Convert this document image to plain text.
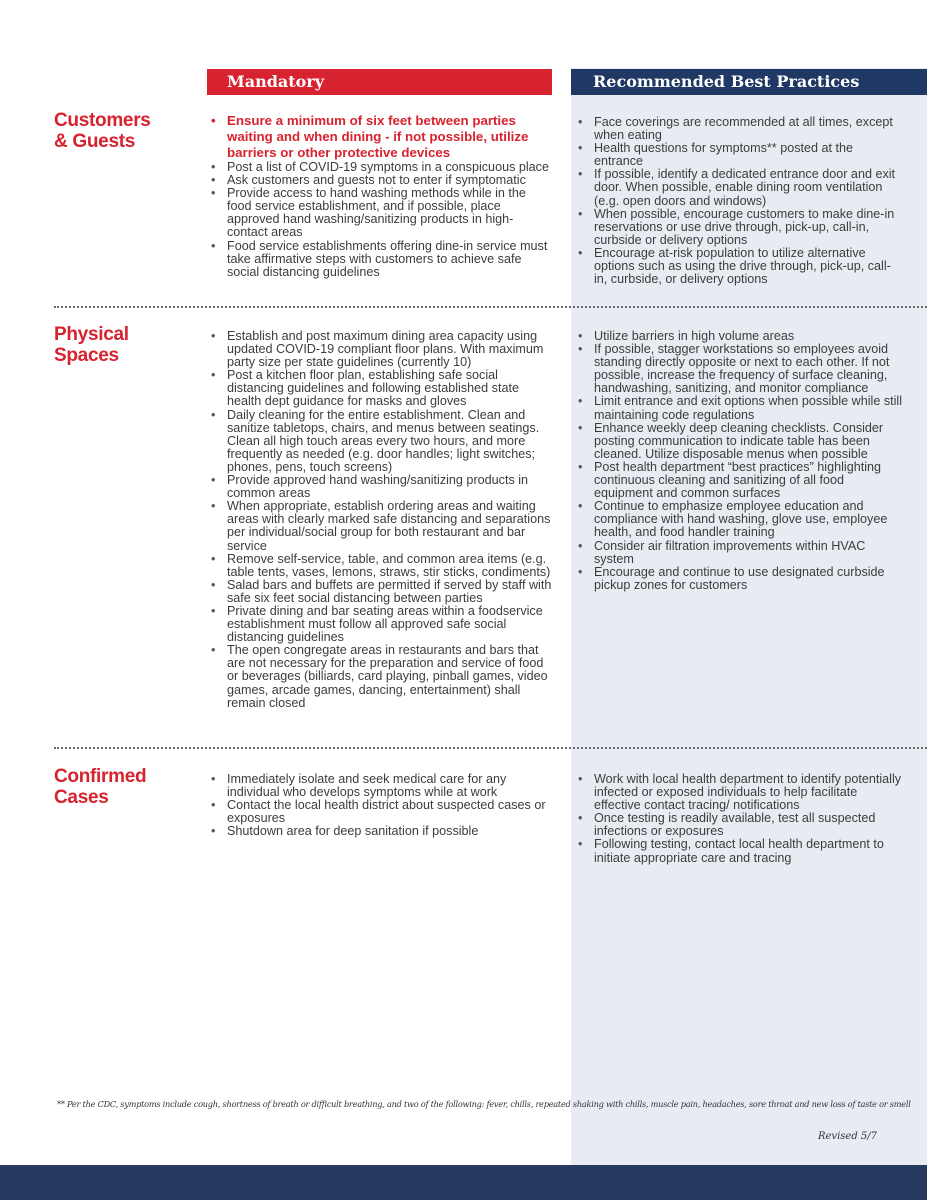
Mandatory	Recommended Best Practices
Customers
& Guests
• Ensure a minimum of six feet between parties waiting and when dining - if not possible, utilize barriers or other protective devices
• Post a list of COVID-19 symptoms in a conspicuous place
• Ask customers and guests not to enter if symptomatic
• Provide access to hand washing methods while in the food service establishment, and if possible, place approved hand washing/sanitizing products in high-contact areas
• Food service establishments offering dine-in service must take affirmative steps with customers to achieve safe social distancing guidelines
• Face coverings are recommended at all times, except when eating
• Health questions for symptoms** posted at the entrance
• If possible, identify a dedicated entrance door and exit door. When possible, enable dining room ventilation (e.g. open doors and windows)
• When possible, encourage customers to make dine-in reservations or use drive through, pick-up, call-in, curbside or delivery options
• Encourage at-risk population to utilize alternative options such as using the drive through, pick-up, call-in, curbside, or delivery options
Physical
Spaces
• Establish and post maximum dining area capacity using updated COVID-19 compliant floor plans. With maximum party size per state guidelines (currently 10)
• Post a kitchen floor plan, establishing safe social distancing guidelines and following established state health dept guidance for masks and gloves
• Daily cleaning for the entire establishment. Clean and sanitize tabletops, chairs, and menus between seatings. Clean all high touch areas every two hours, and more frequently as needed (e.g. door handles; light switches; phones, pens, touch screens)
• Provide approved hand washing/sanitizing products in common areas
• When appropriate, establish ordering areas and waiting areas with clearly marked safe distancing and separations per individual/social group for both restaurant and bar service
• Remove self-service, table, and common area items (e.g. table tents, vases, lemons, straws, stir sticks, condiments)
• Salad bars and buffets are permitted if served by staff with safe six feet social distancing between parties
• Private dining and bar seating areas within a foodservice establishment must follow all approved safe social distancing guidelines
• The open congregate areas in restaurants and bars that are not necessary for the preparation and service of food or beverages (billiards, card playing, pinball games, video games, arcade games, dancing, entertainment) shall remain closed
• Utilize barriers in high volume areas
• If possible, stagger workstations so employees avoid standing directly opposite or next to each other. If not possible, increase the frequency of surface cleaning, handwashing, sanitizing, and monitor compliance
• Limit entrance and exit options when possible while still maintaining code regulations
• Enhance weekly deep cleaning checklists. Consider posting communication to indicate table has been cleaned. Utilize disposable menus when possible
• Post health department “best practices” highlighting continuous cleaning and sanitizing of all food equipment and common surfaces
• Continue to emphasize employee education and compliance with hand washing, glove use, employee health, and food handler training
• Consider air filtration improvements within HVAC system
• Encourage and continue to use designated curbside pickup zones for customers
Confirmed
Cases
• Immediately isolate and seek medical care for any individual who develops symptoms while at work
• Contact the local health district about suspected cases or exposures
• Shutdown area for deep sanitation if possible
• Work with local health department to identify potentially infected or exposed individuals to help facilitate effective contact tracing/ notifications
• Once testing is readily available, test all suspected infections or exposures
• Following testing, contact local health department to initiate appropriate care and tracing
** Per the CDC, symptoms include cough, shortness of breath or difficult breathing, and two of the following: fever, chills, repeated shaking with chills, muscle pain, headaches, sore throat and new loss of taste or smell
Revised 5/7
